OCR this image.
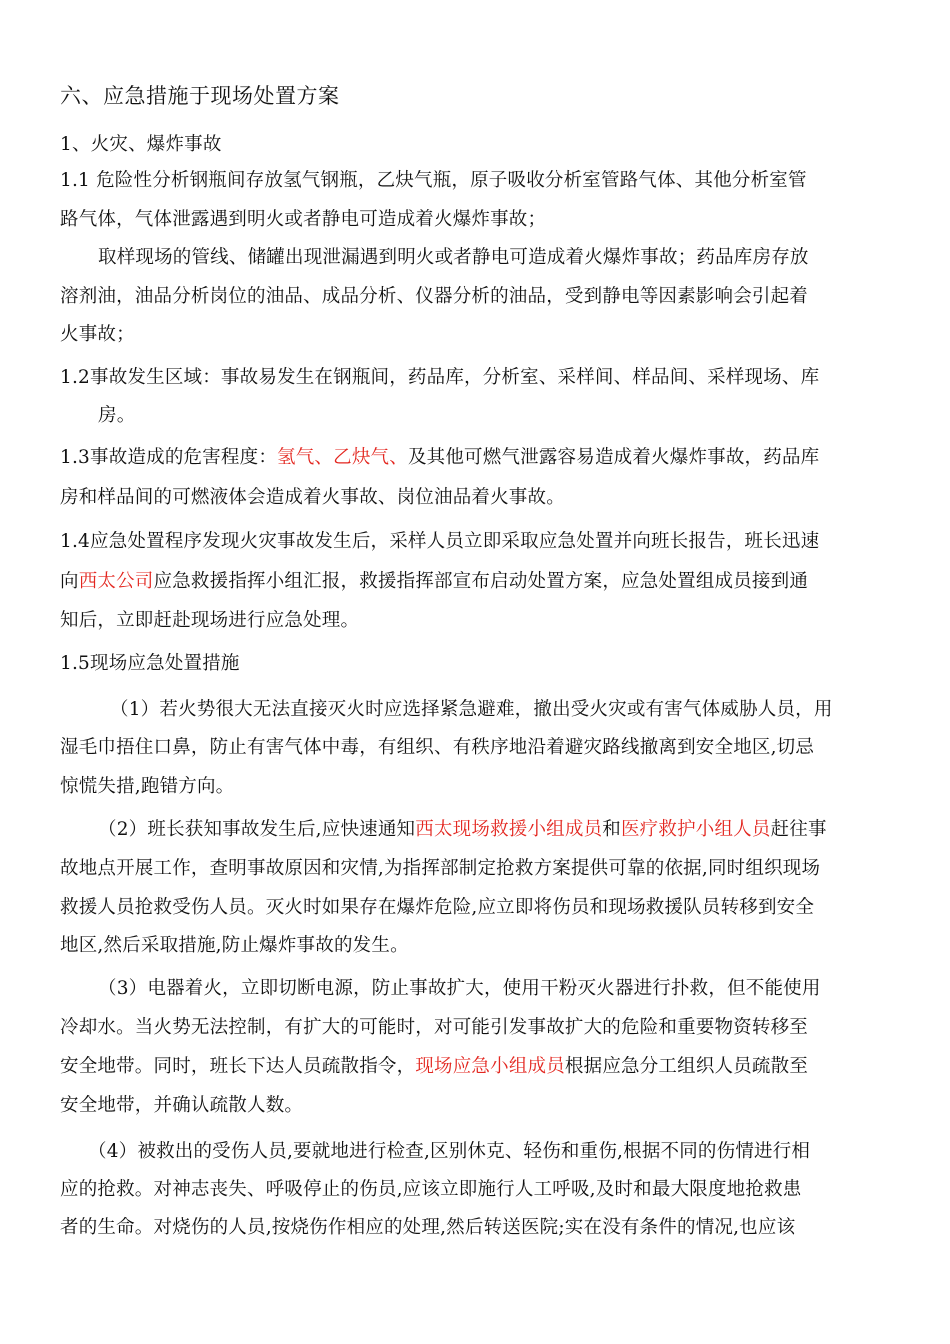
六、应急措施于现场处置方案
1、火灾、爆炸事故
1.1 危险性分析钢瓶间存放氢气钢瓶，乙炔气瓶，原子吸收分析室管路气体、其他分析室管
路气体，气体泄露遇到明火或者静电可造成着火爆炸事故；
取样现场的管线、储罐出现泄漏遇到明火或者静电可造成着火爆炸事故；药品库房存放
溶剂油，油品分析岗位的油品、成品分析、仪器分析的油品，受到静电等因素影响会引起着
火事故；
1.2事故发生区域：事故易发生在钢瓶间，药品库，分析室、采样间、样品间、采样现场、库
房。
1.3事故造成的危害程度：氢气、乙炔气、及其他可燃气泄露容易造成着火爆炸事故，药品库
房和样品间的可燃液体会造成着火事故、岗位油品着火事故。
1.4应急处置程序发现火灾事故发生后，采样人员立即采取应急处置并向班长报告，班长迅速
向西太公司应急救援指挥小组汇报，救援指挥部宣布启动处置方案，应急处置组成员接到通
知后，立即赶赴现场进行应急处理。
1.5现场应急处置措施
（1）若火势很大无法直接灭火时应选择紧急避难，撤出受火灾或有害气体威胁人员，用
湿毛巾捂住口鼻，防止有害气体中毒，有组织、有秩序地沿着避灾路线撤离到安全地区,切忌
惊慌失措,跑错方向。
（2）班长获知事故发生后,应快速通知西太现场救援小组成员和医疗救护小组人员赶往事
故地点开展工作，查明事故原因和灾情,为指挥部制定抢救方案提供可靠的依据,同时组织现场
救援人员抢救受伤人员。灭火时如果存在爆炸危险,应立即将伤员和现场救援队员转移到安全
地区,然后采取措施,防止爆炸事故的发生。
（3）电器着火，立即切断电源，防止事故扩大，使用干粉灭火器进行扑救，但不能使用
冷却水。当火势无法控制，有扩大的可能时，对可能引发事故扩大的危险和重要物资转移至
安全地带。同时，班长下达人员疏散指令，现场应急小组成员根据应急分工组织人员疏散至
安全地带，并确认疏散人数。
（4）被救出的受伤人员,要就地进行检查,区别休克、轻伤和重伤,根据不同的伤情进行相
应的抢救。对神志丧失、呼吸停止的伤员,应该立即施行人工呼吸,及时和最大限度地抢救患
者的生命。对烧伤的人员,按烧伤作相应的处理,然后转送医院;实在没有条件的情况,也应该
